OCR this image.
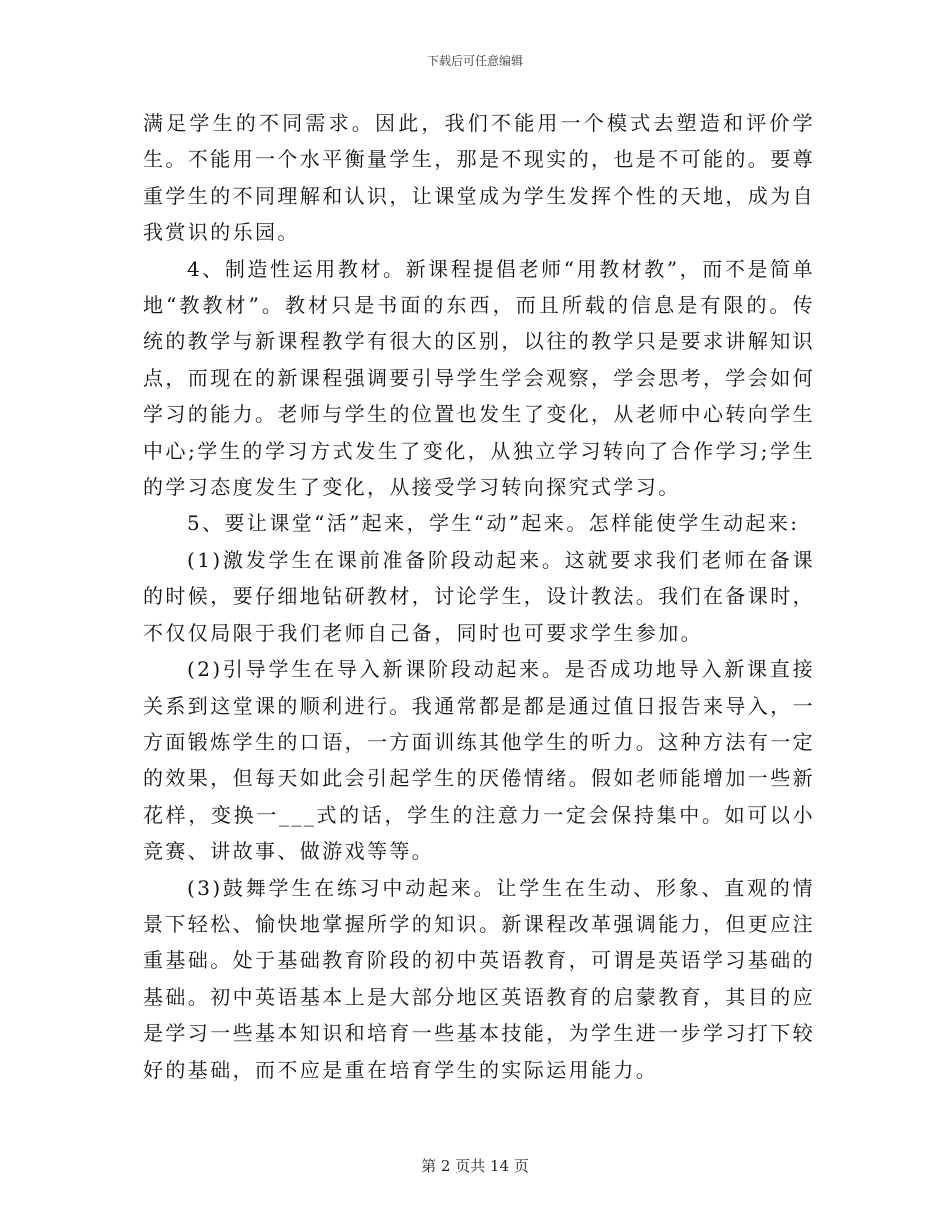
下载后可任意编辑

满足学生的不同需求。因此，我们不能用一个模式去塑造和评价学生。不能用一个水平衡量学生，那是不现实的，也是不可能的。要尊重学生的不同理解和认识，让课堂成为学生发挥个性的天地，成为自我赏识的乐园。

4、制造性运用教材。新课程提倡老师“用教材教”，而不是简单地“教教材”。教材只是书面的东西，而且所载的信息是有限的。传统的教学与新课程教学有很大的区别，以往的教学只是要求讲解知识点，而现在的新课程强调要引导学生学会观察，学会思考，学会如何学习的能力。老师与学生的位置也发生了变化，从老师中心转向学生中心;学生的学习方式发生了变化，从独立学习转向了合作学习;学生的学习态度发生了变化，从接受学习转向探究式学习。

5、要让课堂“活”起来，学生“动”起来。怎样能使学生动起来:

(1)激发学生在课前准备阶段动起来。这就要求我们老师在备课的时候，要仔细地钻研教材，讨论学生，设计教法。我们在备课时，不仅仅局限于我们老师自己备，同时也可要求学生参加。

(2)引导学生在导入新课阶段动起来。是否成功地导入新课直接关系到这堂课的顺利进行。我通常都是都是通过值日报告来导入，一方面锻炼学生的口语，一方面训练其他学生的听力。这种方法有一定的效果，但每天如此会引起学生的厌倦情绪。假如老师能增加一些新花样，变换一___式的话，学生的注意力一定会保持集中。如可以小竞赛、讲故事、做游戏等等。

(3)鼓舞学生在练习中动起来。让学生在生动、形象、直观的情景下轻松、愉快地掌握所学的知识。新课程改革强调能力，但更应注重基础。处于基础教育阶段的初中英语教育，可谓是英语学习基础的基础。初中英语基本上是大部分地区英语教育的启蒙教育，其目的应是学习一些基本知识和培育一些基本技能，为学生进一步学习打下较好的基础，而不应是重在培育学生的实际运用能力。

第 2 页共 14 页
